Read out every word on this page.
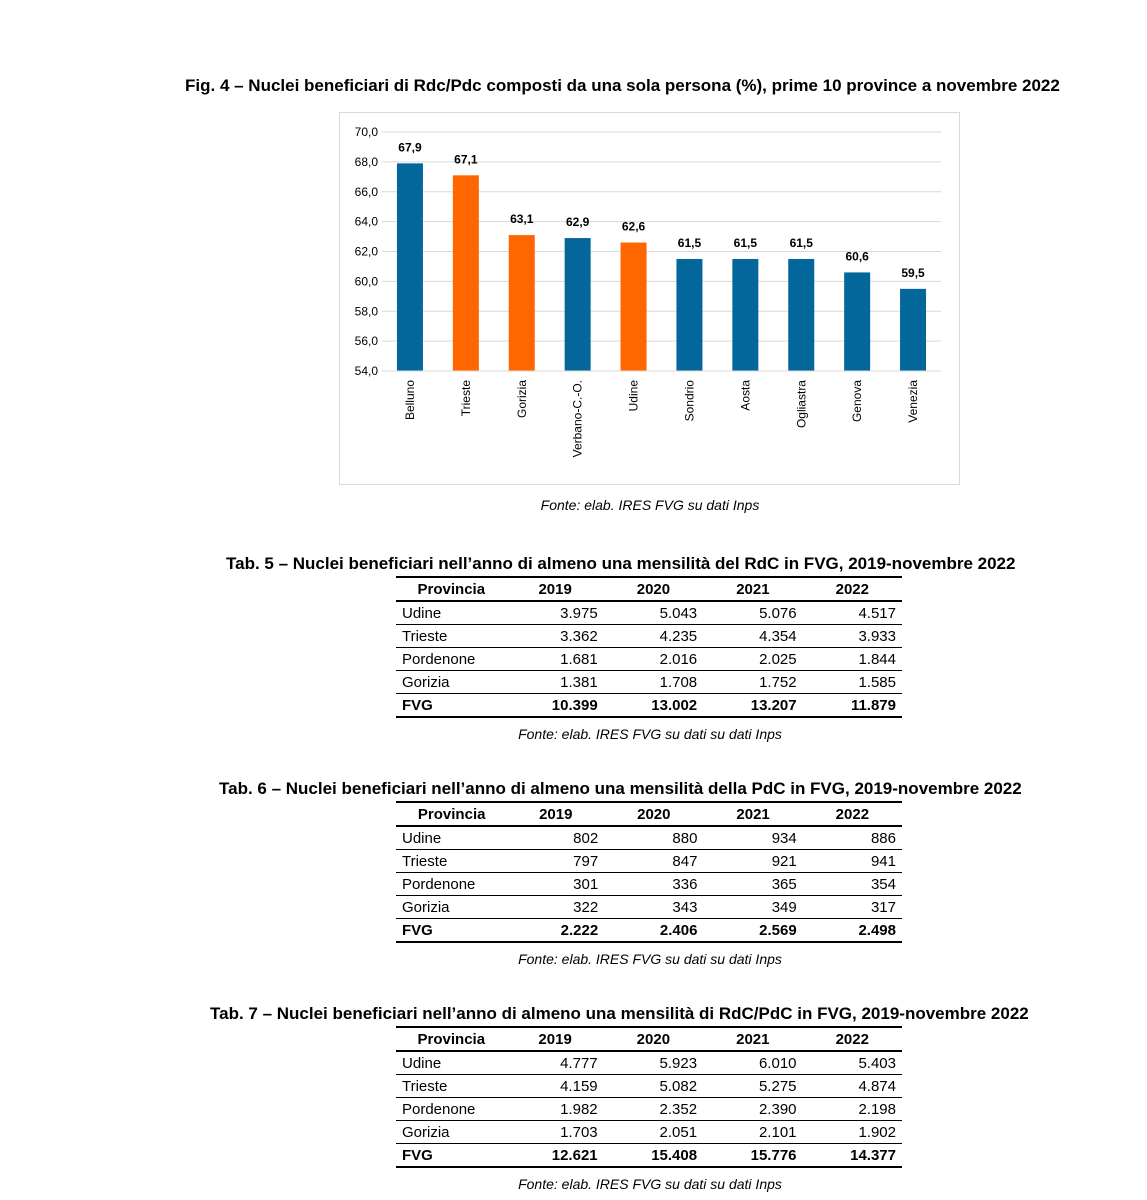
Fig. 4 – Nuclei beneficiari di Rdc/Pdc composti da una sola persona (%), prime 10 province a novembre 2022
54,0
56,0
58,0
60,0
62,0
64,0
66,0
68,0
70,0
67,9
Belluno
67,1
Trieste
63,1
Gorizia
62,9
Verbano-C.-O.
62,6
Udine
61,5
Sondrio
61,5
Aosta
61,5
Ogliastra
60,6
Genova
59,5
Venezia
Fonte: elab. IRES FVG su dati Inps
Tab. 5 – Nuclei beneficiari nell’anno di almeno una mensilità del RdC in FVG, 2019-novembre 2022
Provincia	2019	2020	2021	2022
Udine	3.975	5.043	5.076	4.517
Trieste	3.362	4.235	4.354	3.933
Pordenone	1.681	2.016	2.025	1.844
Gorizia	1.381	1.708	1.752	1.585
FVG	10.399	13.002	13.207	11.879
Fonte: elab. IRES FVG su dati su dati Inps
Tab. 6 – Nuclei beneficiari nell’anno di almeno una mensilità della PdC in FVG, 2019-novembre 2022
Provincia	2019	2020	2021	2022
Udine	802	880	934	886
Trieste	797	847	921	941
Pordenone	301	336	365	354
Gorizia	322	343	349	317
FVG	2.222	2.406	2.569	2.498
Fonte: elab. IRES FVG su dati su dati Inps
Tab. 7 – Nuclei beneficiari nell’anno di almeno una mensilità di RdC/PdC in FVG, 2019-novembre 2022
Provincia	2019	2020	2021	2022
Udine	4.777	5.923	6.010	5.403
Trieste	4.159	5.082	5.275	4.874
Pordenone	1.982	2.352	2.390	2.198
Gorizia	1.703	2.051	2.101	1.902
FVG	12.621	15.408	15.776	14.377
Fonte: elab. IRES FVG su dati su dati Inps
